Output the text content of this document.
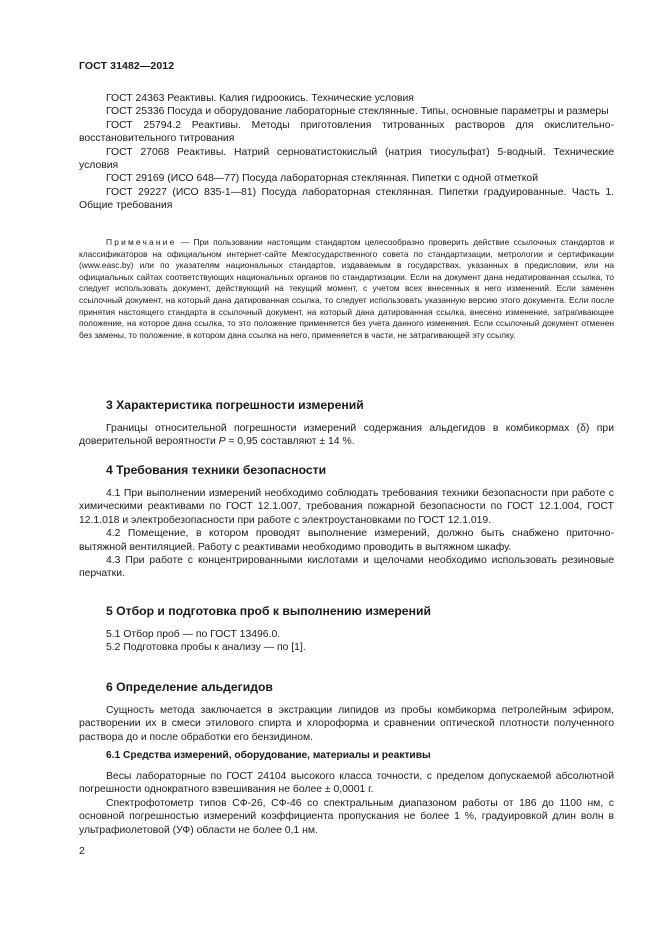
ГОСТ 31482—2012

ГОСТ 24363 Реактивы. Калия гидроокись. Технические условия

ГОСТ 25336 Посуда и оборудование лабораторные стеклянные. Типы, основные параметры и размеры

ГОСТ 25794.2 Реактивы. Методы приготовления титрованных растворов для окислительно-восстановительного титрования

ГОСТ 27068 Реактивы. Натрий серноватистокислый (натрия тиосульфат) 5-водный. Технические условия

ГОСТ 29169 (ИСО 648—77) Посуда лабораторная стеклянная. Пипетки с одной отметкой

ГОСТ 29227 (ИСО 835-1—81) Посуда лабораторная стеклянная. Пипетки градуированные. Часть 1. Общие требования

Примечание — При пользовании настоящим стандартом целесообразно проверить действие ссылочных стандартов и классификаторов на официальном интернет-сайте Межгосударственного совета по стандартизации, метрологии и сертификации (www.easc.by) или по указателям национальных стандартов, издаваемым в государствах, указанных в предисловии, или на официальных сайтах соответствующих национальных органов по стандартизации. Если на документ дана недатированная ссылка, то следует использовать документ, действующий на текущий момент, с учетом всех внесенных в него изменений. Если заменен ссылочный документ, на который дана датированная ссылка, то следует использовать указанную версию этого документа. Если после принятия настоящего стандарта в ссылочный документ, на который дана датированная ссылка, внесено изменение, затрагивающее положение, на которое дана ссылка, то это положение применяется без учета данного изменения. Если ссылочный документ отменен без замены, то положение, в котором дана ссылка на него, применяется в части, не затрагивающей эту ссылку.

3 Характеристика погрешности измерений

Границы относительной погрешности измерений содержания альдегидов в комбикормах (δ) при доверительной вероятности P = 0,95 составляют ± 14 %.

4 Требования техники безопасности

4.1 При выполнении измерений необходимо соблюдать требования техники безопасности при работе с химическими реактивами по ГОСТ 12.1.007, требования пожарной безопасности по ГОСТ 12.1.004, ГОСТ 12.1.018 и электробезопасности при работе с электроустановками по ГОСТ 12.1.019.

4.2 Помещение, в котором проводят выполнение измерений, должно быть снабжено приточно-вытяжной вентиляцией. Работу с реактивами необходимо проводить в вытяжном шкафу.

4.3 При работе с концентрированными кислотами и щелочами необходимо использовать резиновые перчатки.

5 Отбор и подготовка проб к выполнению измерений

5.1 Отбор проб — по ГОСТ 13496.0.

5.2 Подготовка пробы к анализу — по [1].

6 Определение альдегидов

Сущность метода заключается в экстракции липидов из пробы комбикорма петролейным эфиром, растворении их в смеси этилового спирта и хлороформа и сравнении оптической плотности полученного раствора до и после обработки его бензидином.

6.1 Средства измерений, оборудование, материалы и реактивы

Весы лабораторные по ГОСТ 24104 высокого класса точности, с пределом допускаемой абсолютной погрешности однократного взвешивания не более ± 0,0001 г.

Спектрофотометр типов СФ-26, СФ-46 со спектральным диапазоном работы от 186 до 1100 нм, с основной погрешностью измерений коэффициента пропускания не более 1 %, градуировкой длин волн в ультрафиолетовой (УФ) области не более 0,1 нм.

2
